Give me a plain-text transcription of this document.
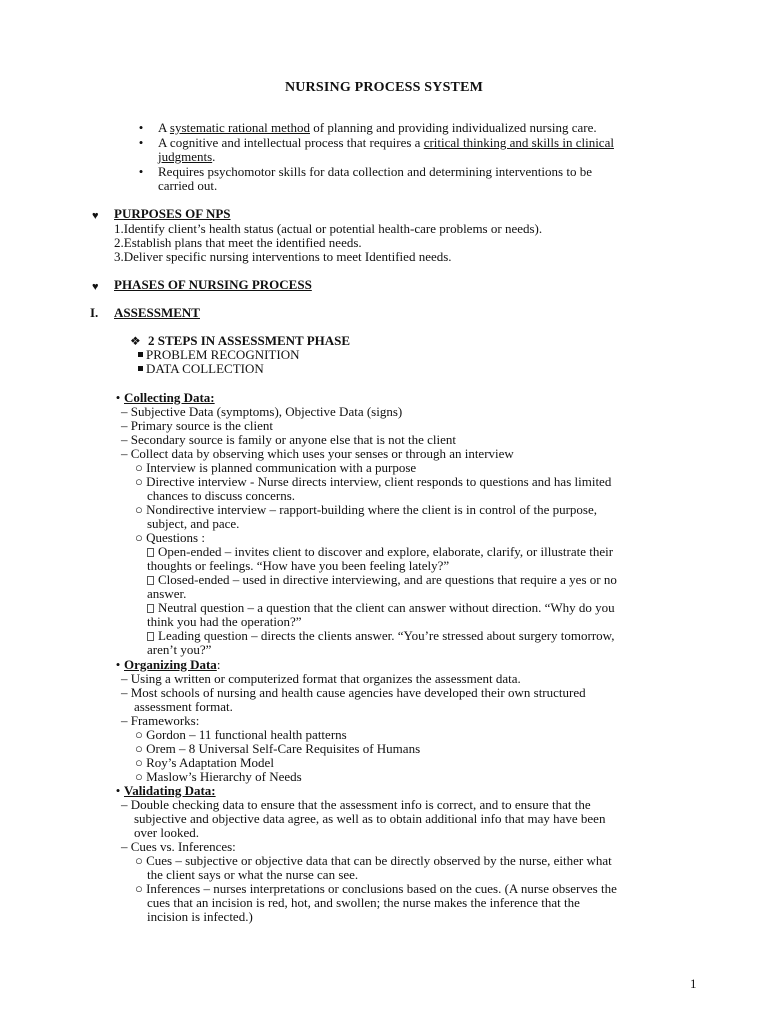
NURSING PROCESS SYSTEM
• A systematic rational method of planning and providing individualized nursing care.
• A cognitive and intellectual process that requires a critical thinking and skills in clinical
judgments.
• Requires psychomotor skills for data collection and determining interventions to be
carried out.
♥ PURPOSES OF NPS
1.Identify client’s health status (actual or potential health-care problems or needs).
2.Establish plans that meet the identified needs.
3.Deliver specific nursing interventions to meet Identified needs.
♥ PHASES OF NURSING PROCESS
I. ASSESSMENT
❖ 2 STEPS IN ASSESSMENT PHASE
PROBLEM RECOGNITION
DATA COLLECTION
• Collecting Data:
– Subjective Data (symptoms), Objective Data (signs)
– Primary source is the client
– Secondary source is family or anyone else that is not the client
– Collect data by observing which uses your senses or through an interview
○ Interview is planned communication with a purpose
○ Directive interview - Nurse directs interview, client responds to questions and has limited
chances to discuss concerns.
○ Nondirective interview – rapport-building where the client is in control of the purpose,
subject, and pace.
○ Questions :
Open-ended – invites client to discover and explore, elaborate, clarify, or illustrate their
thoughts or feelings. “How have you been feeling lately?”
Closed-ended – used in directive interviewing, and are questions that require a yes or no
answer.
Neutral question – a question that the client can answer without direction. “Why do you
think you had the operation?”
Leading question – directs the clients answer. “You’re stressed about surgery tomorrow,
aren’t you?”
• Organizing Data:
– Using a written or computerized format that organizes the assessment data.
– Most schools of nursing and health cause agencies have developed their own structured
assessment format.
– Frameworks:
○ Gordon – 11 functional health patterns
○ Orem – 8 Universal Self-Care Requisites of Humans
○ Roy’s Adaptation Model
○ Maslow’s Hierarchy of Needs
• Validating Data:
– Double checking data to ensure that the assessment info is correct, and to ensure that the
subjective and objective data agree, as well as to obtain additional info that may have been
over looked.
– Cues vs. Inferences:
○ Cues – subjective or objective data that can be directly observed by the nurse, either what
the client says or what the nurse can see.
○ Inferences – nurses interpretations or conclusions based on the cues. (A nurse observes the
cues that an incision is red, hot, and swollen; the nurse makes the inference that the
incision is infected.)
1
